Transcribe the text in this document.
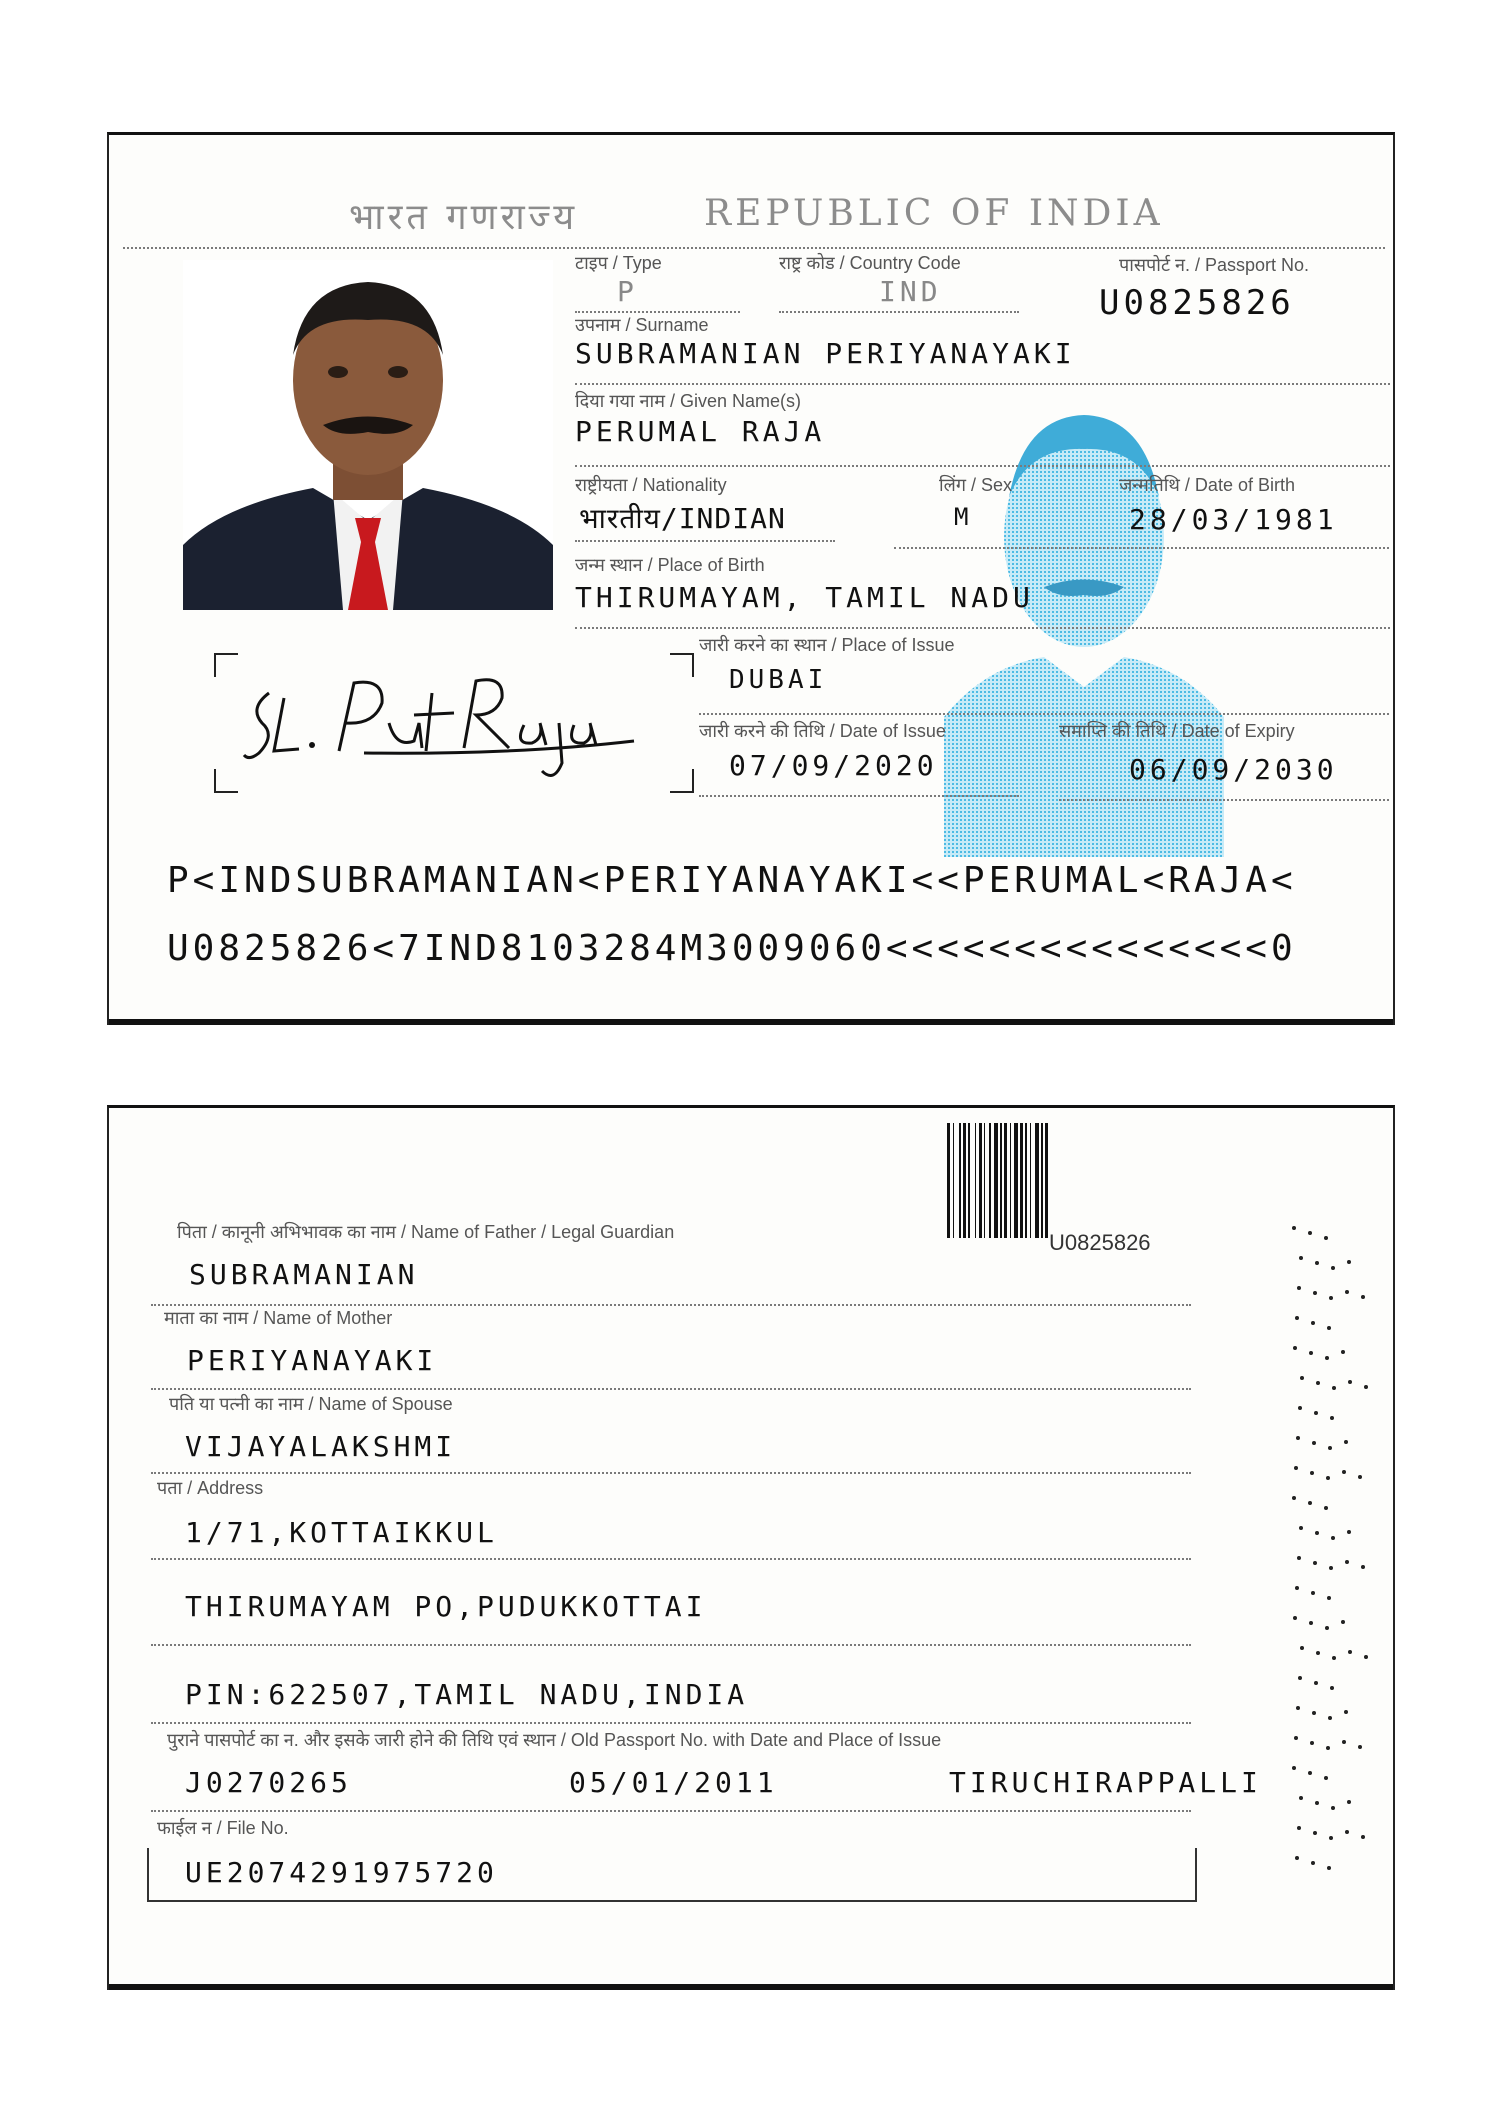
भारत गणराज्य	REPUBLIC OF INDIA
टाइप / Type
P
राष्ट्र कोड / Country Code
IND
पासपोर्ट न. / Passport No.
U0825826
उपनाम / Surname
SUBRAMANIAN PERIYANAYAKI
दिया गया नाम / Given Name(s)
PERUMAL RAJA
राष्ट्रीयता / Nationality
भारतीय/INDIAN
लिंग / Sex
M
जन्मतिथि / Date of Birth
28/03/1981
जन्म स्थान / Place of Birth
THIRUMAYAM, TAMIL NADU
जारी करने का स्थान / Place of Issue
DUBAI
जारी करने की तिथि / Date of Issue
07/09/2020
समाप्ति की तिथि / Date of Expiry
06/09/2030
P<INDSUBRAMANIAN<PERIYANAYAKI<<PERUMAL<RAJA<
U0825826<7IND8103284M3009060<<<<<<<<<<<<<<<0
U0825826
पिता / कानूनी अभिभावक का नाम / Name of Father / Legal Guardian
SUBRAMANIAN
माता का नाम / Name of Mother
PERIYANAYAKI
पति या पत्नी का नाम / Name of Spouse
VIJAYALAKSHMI
पता / Address
1/71,KOTTAIKKUL
THIRUMAYAM PO,PUDUKKOTTAI
PIN:622507,TAMIL NADU,INDIA
पुराने पासपोर्ट का न. और इसके जारी होने की तिथि एवं स्थान / Old Passport No. with Date and Place of Issue
J0270265	05/01/2011	TIRUCHIRAPPALLI
फाईल न / File No.
UE2074291975720
